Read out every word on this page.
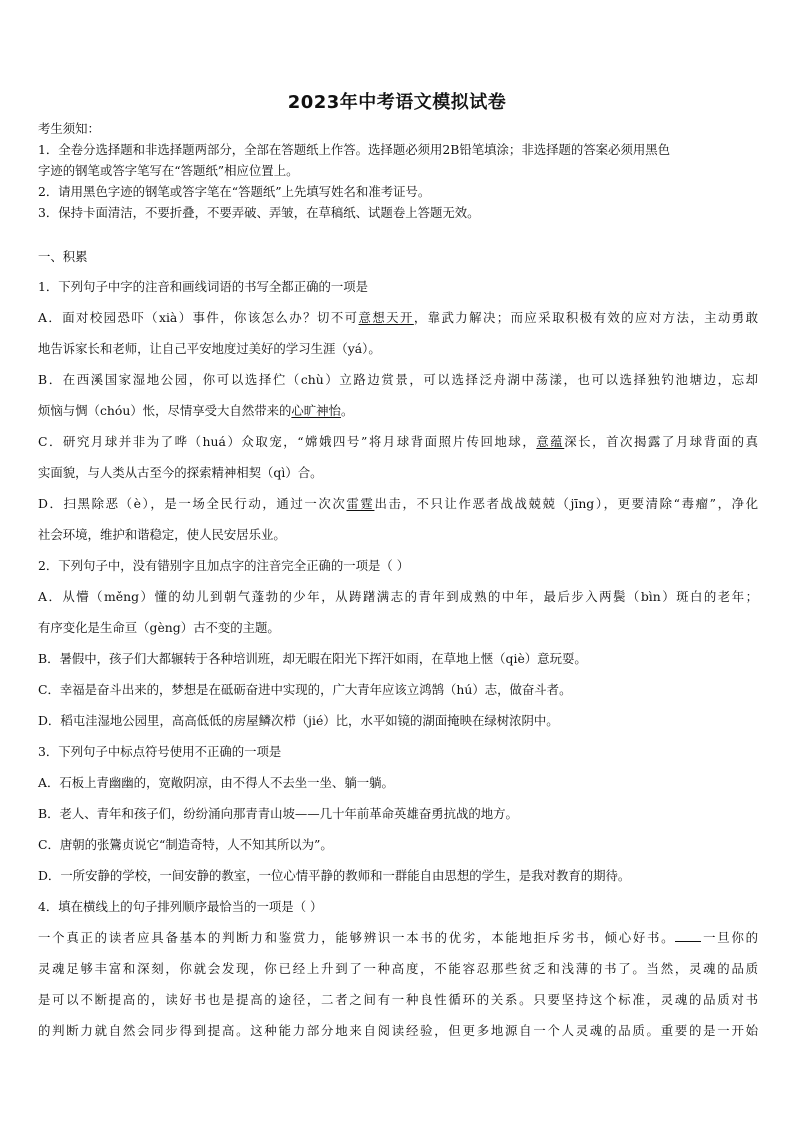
2023年中考语文模拟试卷
考生须知：
1．全卷分选择题和非选择题两部分，全部在答题纸上作答。选择题必须用2B铅笔填涂；非选择题的答案必须用黑色
字迹的钢笔或答字笔写在“答题纸”相应位置上。
2．请用黑色字迹的钢笔或答字笔在“答题纸”上先填写姓名和准考证号。
3．保持卡面清洁，不要折叠，不要弄破、弄皱，在草稿纸、试题卷上答题无效。
一、积累
1．下列句子中字的注音和画线词语的书写全都正确的一项是
A．面对校园恐吓（xià）事件，你该怎么办？切不可意想天开，靠武力解决；而应采取积极有效的应对方法，主动勇敢
地告诉家长和老师，让自己平安地度过美好的学习生涯（yá）。
B．在西溪国家湿地公园，你可以选择伫（chù）立路边赏景，可以选择泛舟湖中荡漾，也可以选择独钓池塘边，忘却
烦恼与惆（chóu）怅，尽情享受大自然带来的心旷神怡。
C．研究月球并非为了哗（huá）众取宠，“嫦娥四号”将月球背面照片传回地球，意蕴深长，首次揭露了月球背面的真
实面貌，与人类从古至今的探索精神相契（qì）合。
D．扫黑除恶（è），是一场全民行动，通过一次次雷霆出击，不只让作恶者战战兢兢（jīng），更要清除“毒瘤”，净化
社会环境，维护和谐稳定，使人民安居乐业。
2．下列句子中，没有错别字且加点字的注音完全正确的一项是（ ）
A．从懵（měng）懂的幼儿到朝气蓬勃的少年，从踌躇满志的青年到成熟的中年，最后步入两鬓（bìn）斑白的老年；
有序变化是生命亘（gèng）古不变的主题。
B．暑假中，孩子们大都辗转于各种培训班，却无暇在阳光下挥汗如雨，在草地上惬（qiè）意玩耍。
C．幸福是奋斗出来的，梦想是在砥砺奋进中实现的，广大青年应该立鸿鹄（hú）志，做奋斗者。
D．稻屯洼湿地公园里，高高低低的房屋鳞次栉（jié）比，水平如镜的湖面掩映在绿树浓阴中。
3．下列句子中标点符号使用不正确的一项是
A．石板上青幽幽的，宽敞阴凉，由不得人不去坐一坐、躺一躺。
B．老人、青年和孩子们，纷纷涌向那青青山坡——几十年前革命英雄奋勇抗战的地方。
C．唐朝的张鷟贞说它“制造奇特，人不知其所以为”。
D．一所安静的学校，一间安静的教室，一位心情平静的教师和一群能自由思想的学生，是我对教育的期待。
4．填在横线上的句子排列顺序最恰当的一项是（ ）
一个真正的读者应具备基本的判断力和鉴赏力，能够辨识一本书的优劣，本能地拒斥劣书，倾心好书。 一旦你的
灵魂足够丰富和深刻，你就会发现，你已经上升到了一种高度，不能容忍那些贫乏和浅薄的书了。当然，灵魂的品质
是可以不断提高的，读好书也是提高的途径，二者之间有一种良性循环的关系。只要坚持这个标准，灵魂的品质对书
的判断力就自然会同步得到提高。这种能力部分地来自阅读经验，但更多地源自一个人灵魂的品质。重要的是一开始
